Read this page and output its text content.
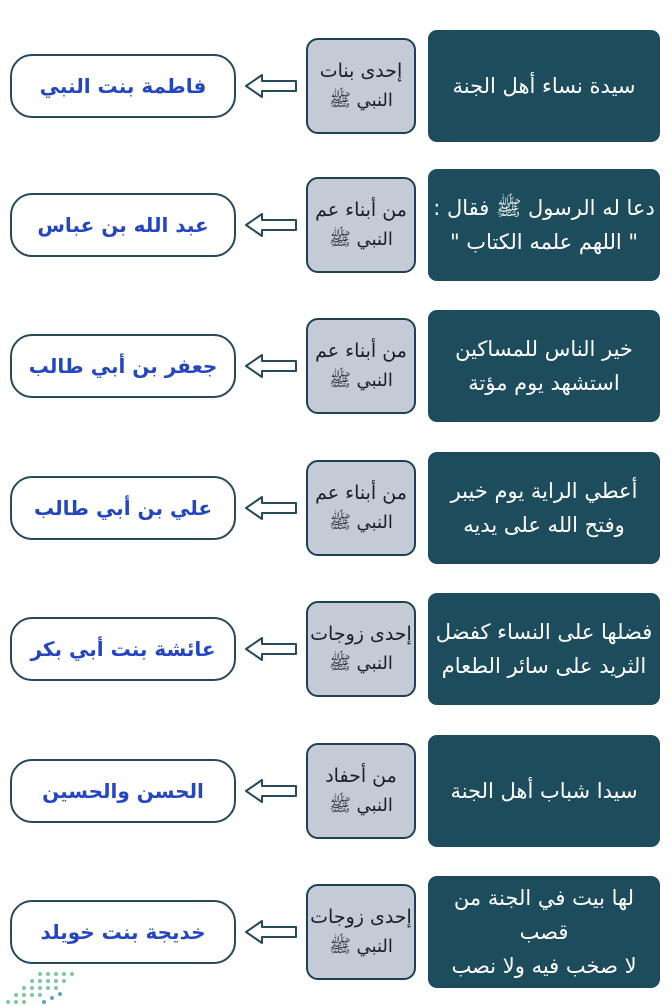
سيدة نساء أهل الجنة
إحدى بنات
النبي ﷺ
فاطمة بنت النبي
دعا له الرسول ﷺ فقال :
" اللهم علمه الكتاب "
من أبناء عم
النبي ﷺ
عبد الله بن عباس
خير الناس للمساكين
استشهد يوم مؤتة
من أبناء عم
النبي ﷺ
جعفر بن أبي طالب
أعطي الراية يوم خيبر
وفتح الله على يديه
من أبناء عم
النبي ﷺ
علي بن أبي طالب
فضلها على النساء كفضل
الثريد على سائر الطعام
إحدى زوجات
النبي ﷺ
عائشة بنت أبي بكر
سيدا شباب أهل الجنة
من أحفاد
النبي ﷺ
الحسن والحسين
لها بيت في الجنة من قصب
لا صخب فيه ولا نصب
إحدى زوجات
النبي ﷺ
خديجة بنت خويلد
